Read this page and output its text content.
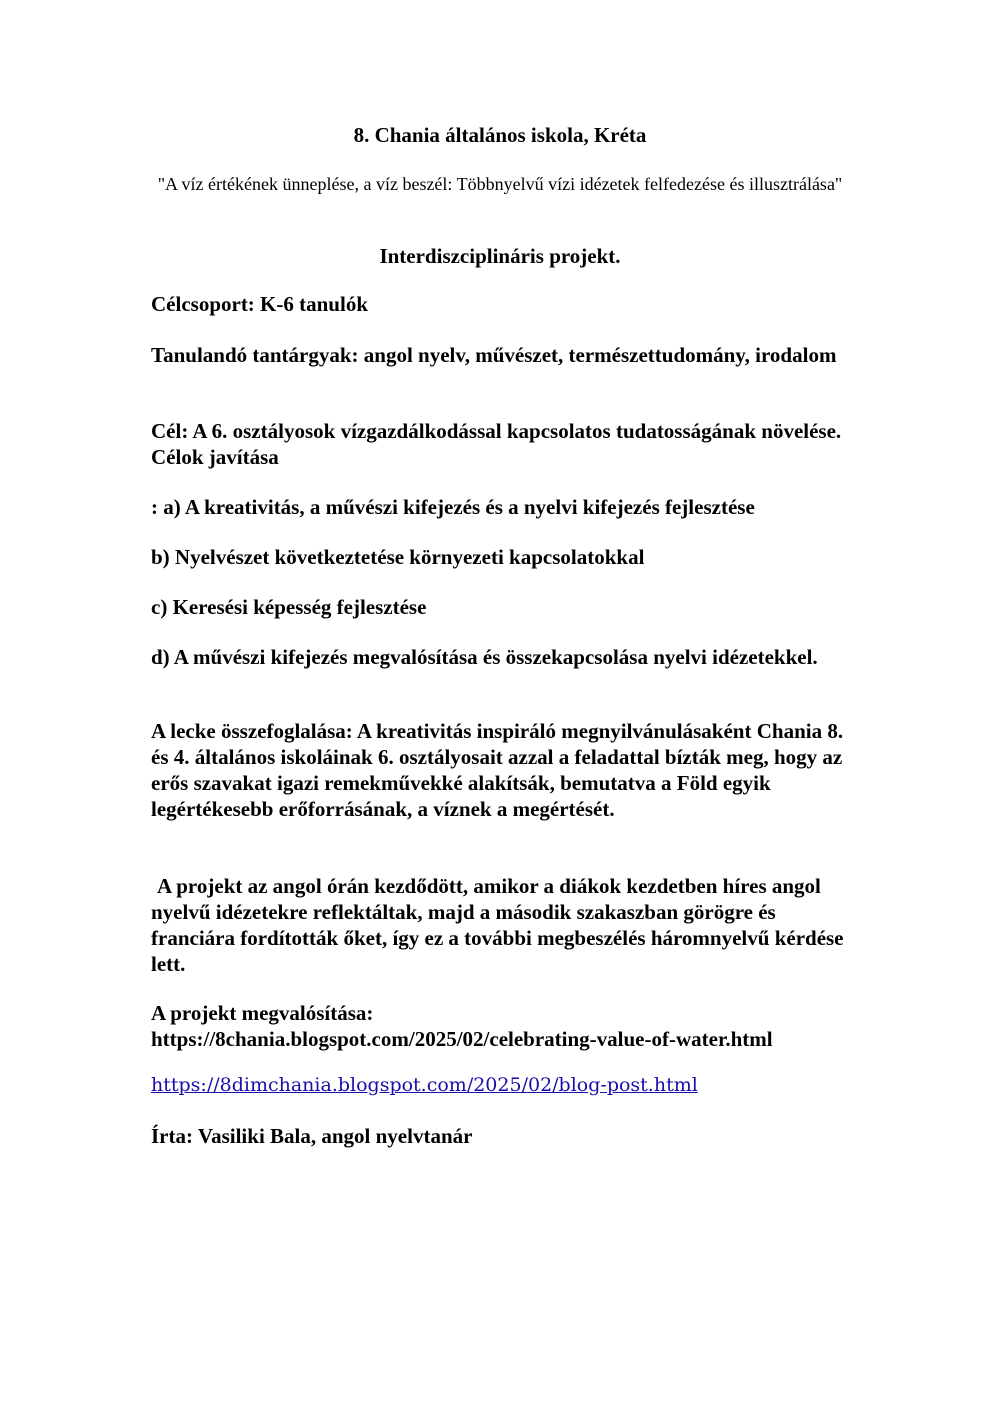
8. Chania általános iskola, Kréta
"A víz értékének ünneplése, a víz beszél: Többnyelvű vízi idézetek felfedezése és illusztrálása"
Interdiszciplináris projekt.

Célcsoport: K-6 tanulók

Tanulandó tantárgyak: angol nyelv, művészet, természettudomány, irodalom

Cél: A 6. osztályosok vízgazdálkodással kapcsolatos tudatosságának növelése. Célok javítása

: a) A kreativitás, a művészi kifejezés és a nyelvi kifejezés fejlesztése

b) Nyelvészet következtetése környezeti kapcsolatokkal

c) Keresési képesség fejlesztése

d) A művészi kifejezés megvalósítása és összekapcsolása nyelvi idézetekkel.

A lecke összefoglalása: A kreativitás inspiráló megnyilvánulásaként Chania 8. és 4. általános iskoláinak 6. osztályosait azzal a feladattal bízták meg, hogy az erős szavakat igazi remekművekké alakítsák, bemutatva a Föld egyik legértékesebb erőforrásának, a víznek a megértését.

A projekt az angol órán kezdődött, amikor a diákok kezdetben híres angol nyelvű idézetekre reflektáltak, majd a második szakaszban görögre és franciára fordították őket, így ez a további megbeszélés háromnyelvű kérdése lett.

A projekt megvalósítása:

https://8chania.blogspot.com/2025/02/celebrating-value-of-water.html

https://8dimchania.blogspot.com/2025/02/blog-post.html

Írta: Vasiliki Bala, angol nyelvtanár
